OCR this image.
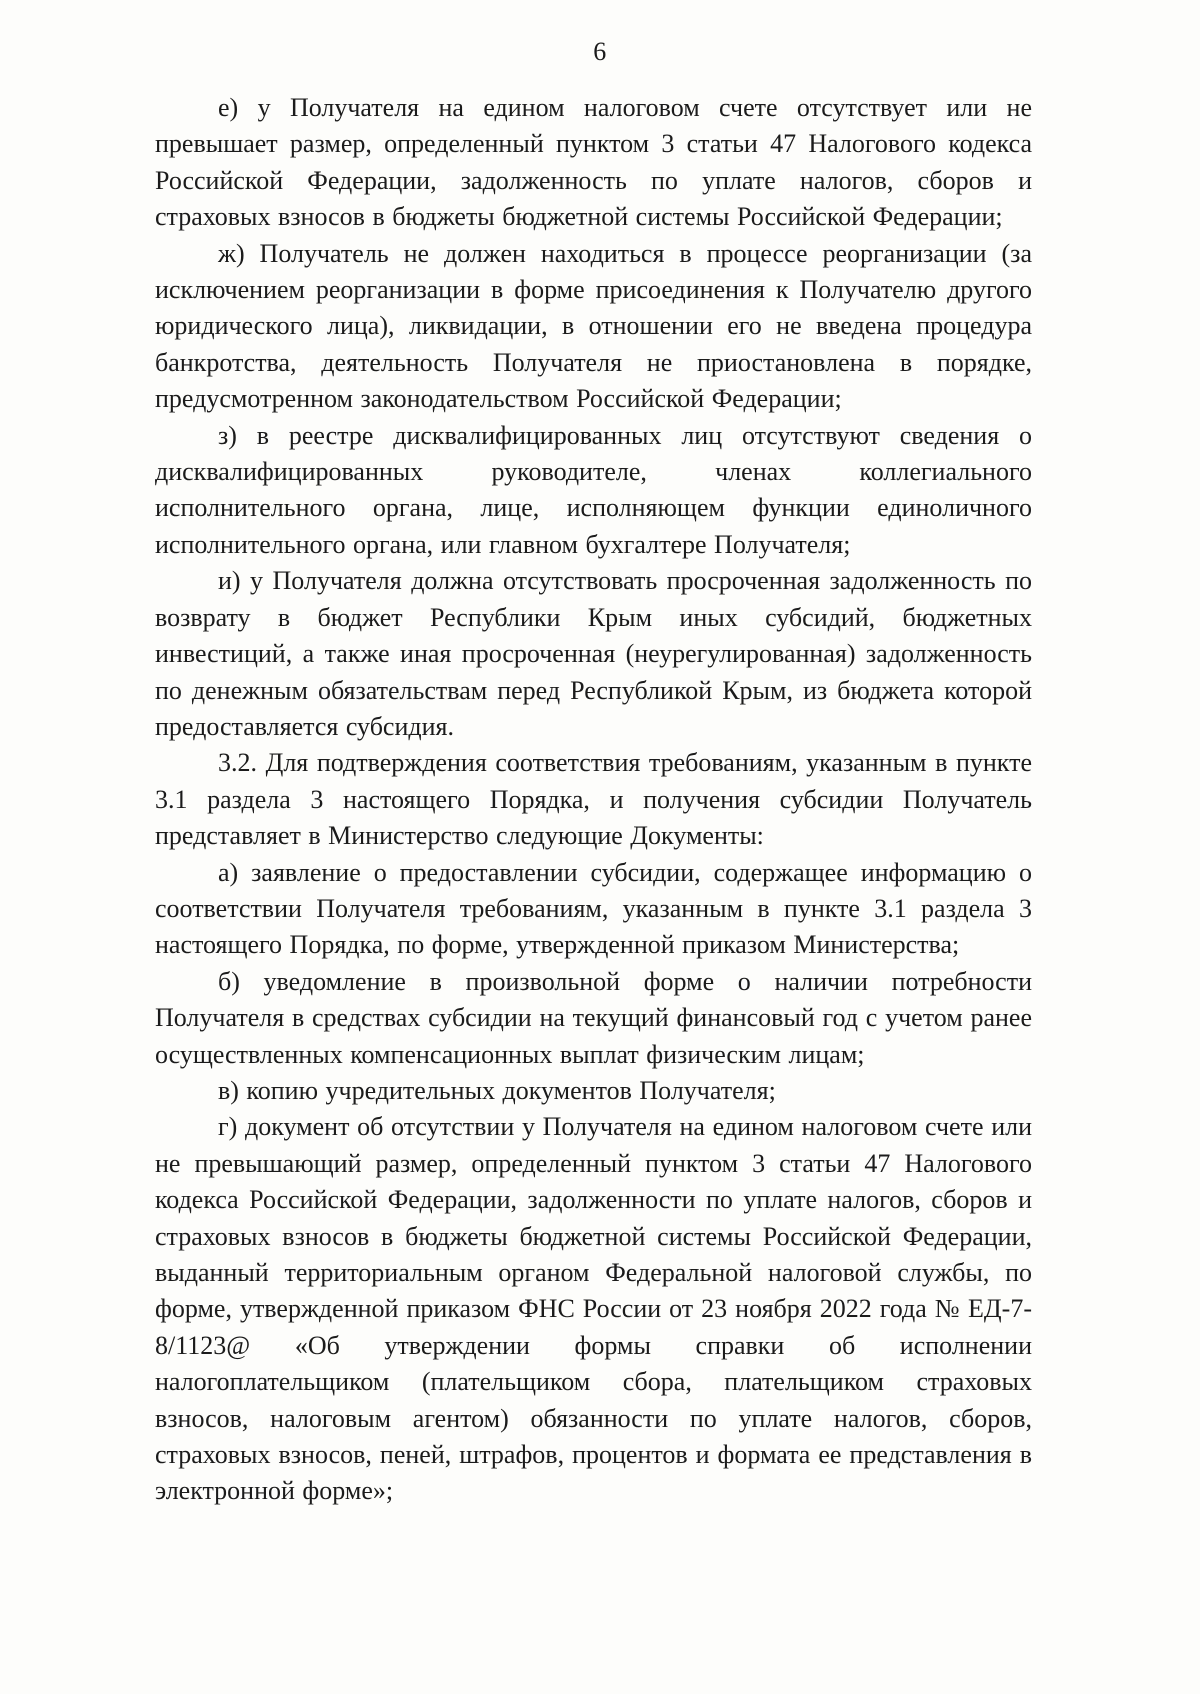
6

е) у Получателя на едином налоговом счете отсутствует или не превышает размер, определенный пунктом 3 статьи 47 Налогового кодекса Российской Федерации, задолженность по уплате налогов, сборов и страховых взносов в бюджеты бюджетной системы Российской Федерации;

ж) Получатель не должен находиться в процессе реорганизации (за исключением реорганизации в форме присоединения к Получателю другого юридического лица), ликвидации, в отношении его не введена процедура банкротства, деятельность Получателя не приостановлена в порядке, предусмотренном законодательством Российской Федерации;

з) в реестре дисквалифицированных лиц отсутствуют сведения о дисквалифицированных руководителе, членах коллегиального исполнительного органа, лице, исполняющем функции единоличного исполнительного органа, или главном бухгалтере Получателя;

и) у Получателя должна отсутствовать просроченная задолженность по возврату в бюджет Республики Крым иных субсидий, бюджетных инвестиций, а также иная просроченная (неурегулированная) задолженность по денежным обязательствам перед Республикой Крым, из бюджета которой предоставляется субсидия.

3.2. Для подтверждения соответствия требованиям, указанным в пункте 3.1 раздела 3 настоящего Порядка, и получения субсидии Получатель представляет в Министерство следующие Документы:

а) заявление о предоставлении субсидии, содержащее информацию о соответствии Получателя требованиям, указанным в пункте 3.1 раздела 3 настоящего Порядка, по форме, утвержденной приказом Министерства;

б) уведомление в произвольной форме о наличии потребности Получателя в средствах субсидии на текущий финансовый год с учетом ранее осуществленных компенсационных выплат физическим лицам;

в) копию учредительных документов Получателя;

г) документ об отсутствии у Получателя на едином налоговом счете или не превышающий размер, определенный пунктом 3 статьи 47 Налогового кодекса Российской Федерации, задолженности по уплате налогов, сборов и страховых взносов в бюджеты бюджетной системы Российской Федерации, выданный территориальным органом Федеральной налоговой службы, по форме, утвержденной приказом ФНС России от 23 ноября 2022 года № ЕД-7-8/1123@ «Об утверждении формы справки об исполнении налогоплательщиком (плательщиком сбора, плательщиком страховых взносов, налоговым агентом) обязанности по уплате налогов, сборов, страховых взносов, пеней, штрафов, процентов и формата ее представления в электронной форме»;
